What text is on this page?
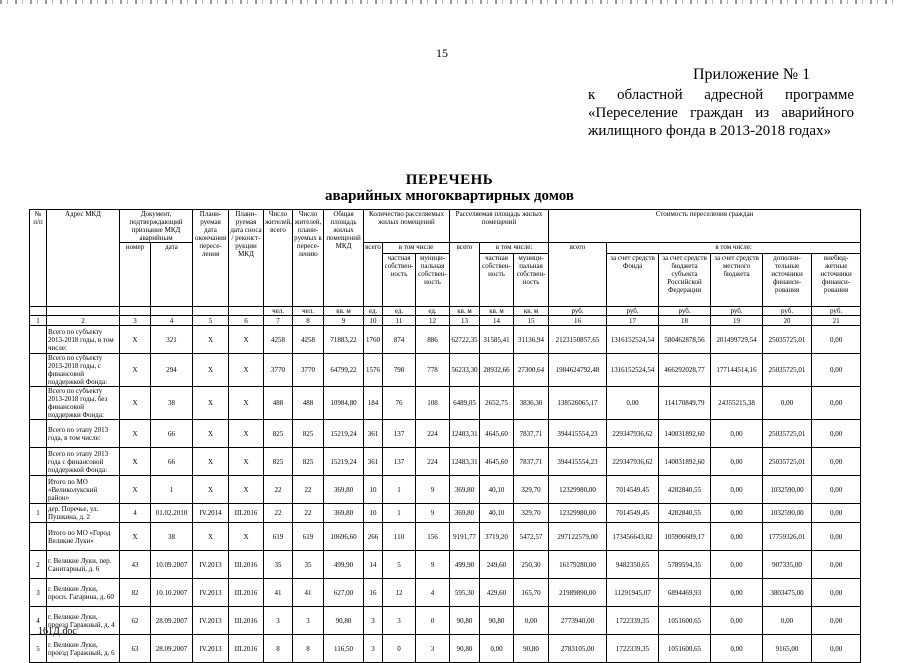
15
Приложение № 1
к областной адресной программе
«Переселение граждан из аварийного
жилищного фонда в 2013-2018 годах»
ПЕРЕЧЕНЬ
аварийных многоквартирных домов
№ п/п	Адрес МКД	Документ, подтверждающий признание МКД аварийным		Плани-руемая дата окончания пересе-ления	Плани-руемая дата сноса / реконст-рукции МКД	Число жителей, всего	Число жителей, плани-руемых к пересе-лению	Общая площадь жилых помещений МКД	Количество расселяемых жилых помещений			Расселяемая площадь жилых помещений			Стоимость переселения граждан					
		номер	дата						всего	в том числе		всего	в том числе:		всего	в том числе:				
										частная собствен-ность	муници-пальная собствен-ность		частная собствен-ность	муници-пальная собствен-ность		за счет средств Фонда	за счет средств бюджета субъекта Российской Федерации	за счет средств местного бюджета	дополни-тельные источники финанси-рования	внебюд-жетные источники финанси-рования
						чел.	чел.	кв. м	ед.	ед.	ед.	кв. м	кв. м	кв. м	руб.	руб.	руб.	руб.	руб.	руб.
1	2	3	4	5	6	7	8	9	10	11	12	13	14	15	16	17	18	19	20	21
	Всего по субъекту 2013-2018 годы, в том числе:	X	321	X	X	4258	4258	71883,22	1760	874	886	62722,35	31585,41	31136,94	2123150857,65	1316152524,54	580462878,56	201499729,54	25035725,01	0,00
	Всего по субъекту 2013-2018 годы, с финансовой поддержкой Фонда:	X	294	X	X	3770	3770	64799,22	1576	798	778	56233,30	28932,66	27300,64	1984624792,48	1316152524,54	466292028,77	177144514,16	25035725,01	0,00
	Всего по субъекту 2013-2018 годы, без финансовой поддержки Фонда:	X	38	X	X	488	488	10984,80	184	76	108	6489,05	2652,75	3836,30	138526065,17	0,00	114170849,79	24355215,38	0,00	0,00
	Всего по этапу 2013 года, в том числе:	X	66	X	X	825	825	15219,24	361	137	224	12483,31	4645,60	7837,71	394415554,23	229347936,62	140031892,60	0,00	25035725,01	0,00
	Всего по этапу 2013 года с финансовой поддержкой Фонда:	X	66	X	X	825	825	15219,24	361	137	224	12483,31	4645,60	7837,71	394415554,23	229347936,62	140031892,60	0,00	25035725,01	0,00
	Итого по МО «Великолукский район»	X	1	X	X	22	22	369,80	10	1	9	369,80	40,10	329,70	12329980,00	7014549,45	4282840,55	0,00	1032590,00	0,00
1	дер. Поречье, ул. Пушкина, д. 2	4	01.02.2010	IV.2014	III.2016	22	22	369,80	10	1	9	369,80	40,10	329,70	12329980,00	7014549,45	4282840,55	0,00	1032590,00	0,00
	Итого по МО «Город Великие Луки»	X	38	X	X	619	619	10696,60	266	110	156	9191,77	3719,20	5472,57	297122579,00	173456643,82	105906609,17	0,00	17759326,01	0,00
2	г. Великие Луки, пер. Санитарный, д. 6	43	10.09.2007	IV.2013	III.2016	35	35	499,90	14	5	9	499,90	249,60	250,30	16179280,00	9482350,65	5789594,35	0,00	907335,00	0,00
3	г. Великие Луки, просп. Гагарина, д. 60	82	10.10.2007	IV.2013	III.2016	41	41	627,00	16	12	4	595,30	429,60	165,70	21989890,00	11291945,07	6894469,93	0,00	3803475,00	0,00
4	г. Великие Луки, проезд Гаражный, д. 4	62	28.09.2007	IV.2013	III.2016	3	3	90,80	3	3	0	90,80	90,80	0,00	2773940,00	1722339,35	1051600,65	0,00	0,00	0,00
5	г. Великие Луки, проезд Гаражный, д. 6	63	28.09.2007	IV.2013	III.2016	8	8	116,50	3	0	3	90,80	0,00	90,80	2783105,00	1722339,35	1051600,65	0,00	9165,00	0,00
161Д.doc
